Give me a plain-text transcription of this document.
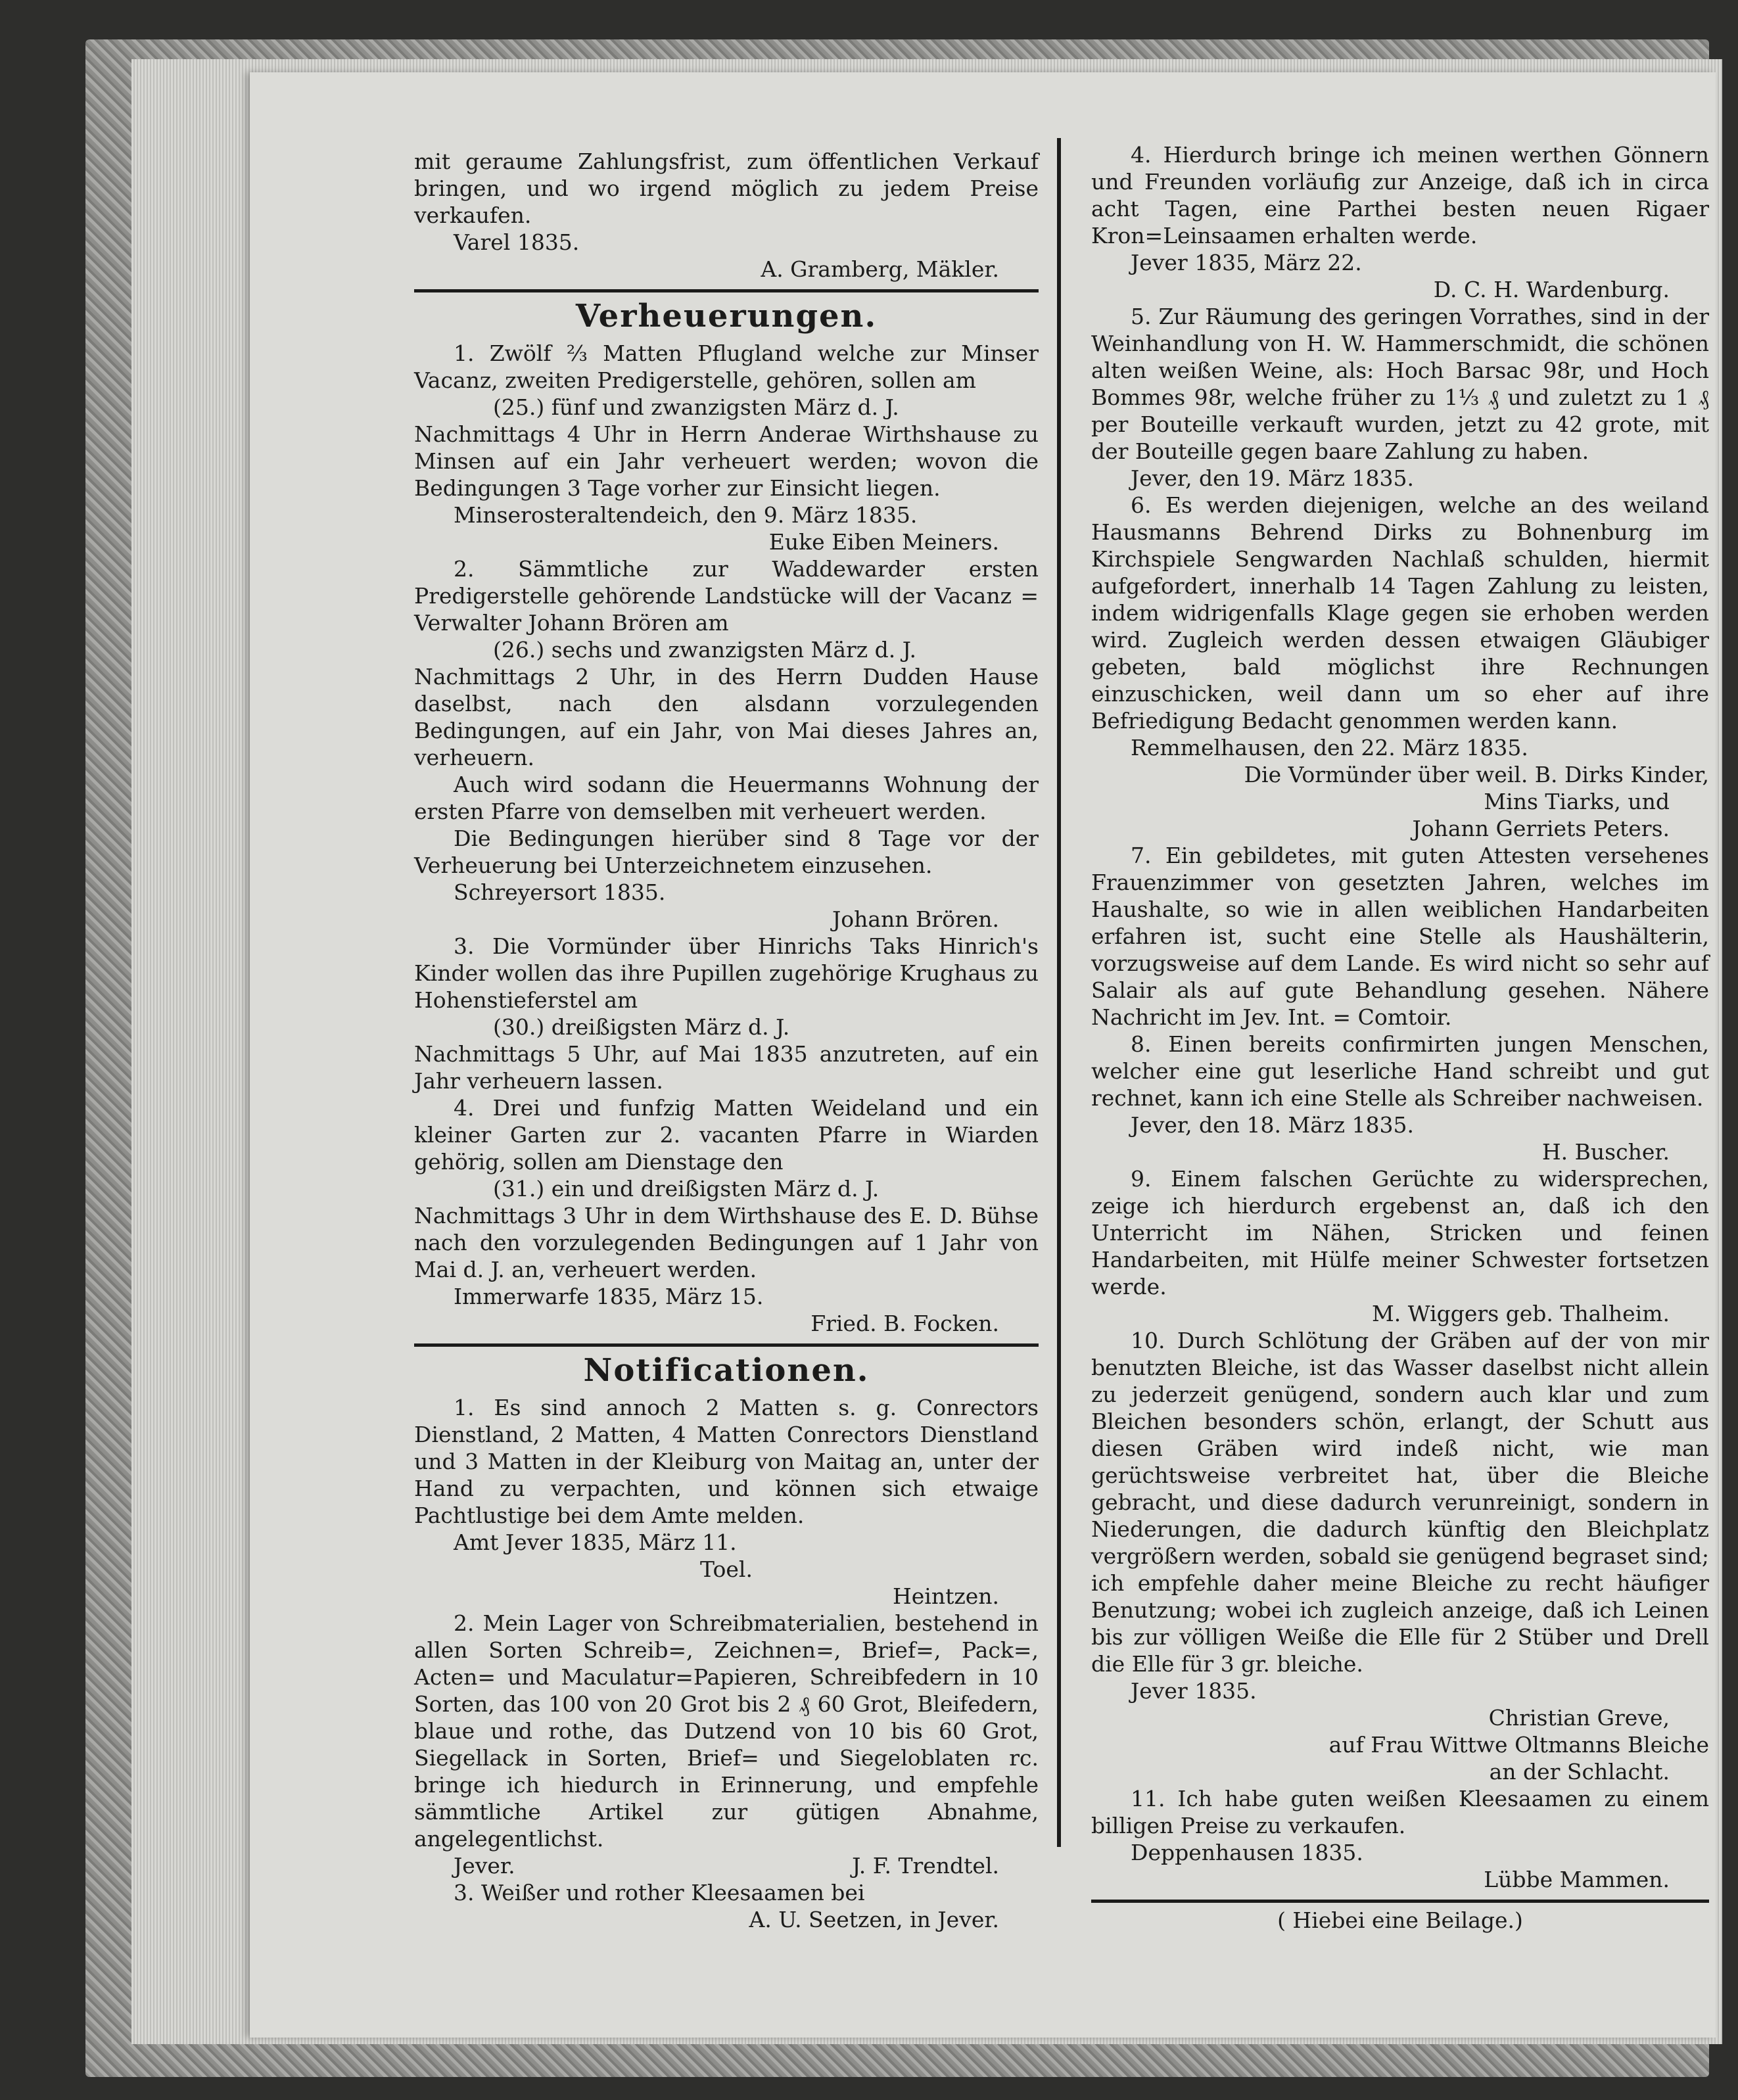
mit geraume Zahlungsfrist, zum öffentlichen Verkauf bringen, und wo irgend möglich zu jedem Preise verkaufen.

Varel 1835.

A. Gramberg, Mäkler.

Verheuerungen.

1. Zwölf ⅔ Matten Pflugland welche zur Minser Vacanz, zweiten Predigerstelle, gehören, sollen am

(25.) fünf und zwanzigsten März d. J.

Nachmittags 4 Uhr in Herrn Anderae Wirthshause zu Minsen auf ein Jahr verheuert werden; wovon die Bedingungen 3 Tage vorher zur Einsicht liegen.

Minserosteraltendeich, den 9. März 1835.

Euke Eiben Meiners.

2. Sämmtliche zur Waddewarder ersten Predigerstelle gehörende Landstücke will der Vacanz = Verwalter Johann Brören am

(26.) sechs und zwanzigsten März d. J.

Nachmittags 2 Uhr, in des Herrn Dudden Hause daselbst, nach den alsdann vorzulegenden Bedingungen, auf ein Jahr, von Mai dieses Jahres an, verheuern.

Auch wird sodann die Heuermanns Wohnung der ersten Pfarre von demselben mit verheuert werden.

Die Bedingungen hierüber sind 8 Tage vor der Verheuerung bei Unterzeichnetem einzusehen.

Schreyersort 1835.

Johann Brören.

3. Die Vormünder über Hinrichs Taks Hinrich's Kinder wollen das ihre Pupillen zugehörige Krughaus zu Hohenstieferstel am

(30.) dreißigsten März d. J.

Nachmittags 5 Uhr, auf Mai 1835 anzutreten, auf ein Jahr verheuern lassen.

4. Drei und funfzig Matten Weideland und ein kleiner Garten zur 2. vacanten Pfarre in Wiarden gehörig, sollen am Dienstage den

(31.) ein und dreißigsten März d. J.

Nachmittags 3 Uhr in dem Wirthshause des E. D. Bühse nach den vorzulegenden Bedingungen auf 1 Jahr von Mai d. J. an, verheuert werden.

Immerwarfe 1835, März 15.

Fried. B. Focken.

Notificationen.

1. Es sind annoch 2 Matten s. g. Conrectors Dienstland, 2 Matten, 4 Matten Conrectors Dienstland und 3 Matten in der Kleiburg von Maitag an, unter der Hand zu verpachten, und können sich etwaige Pachtlustige bei dem Amte melden.

Amt Jever 1835, März 11.

Toel.

Heintzen.

2. Mein Lager von Schreibmaterialien, bestehend in allen Sorten Schreib=, Zeichnen=, Brief=, Pack=, Acten= und Maculatur=Papieren, Schreibfedern in 10 Sorten, das 100 von 20 Grot bis 2 ₰ 60 Grot, Bleifedern, blaue und rothe, das Dutzend von 10 bis 60 Grot, Siegellack in Sorten, Brief= und Siegeloblaten rc. bringe ich hiedurch in Erinnerung, und empfehle sämmtliche Artikel zur gütigen Abnahme, angelegentlichst.

Jever.	J. F. Trendtel.

3. Weißer und rother Kleesaamen bei

A. U. Seetzen, in Jever.

4. Hierdurch bringe ich meinen werthen Gönnern und Freunden vorläufig zur Anzeige, daß ich in circa acht Tagen, eine Parthei besten neuen Rigaer Kron=Leinsaamen erhalten werde.

Jever 1835, März 22.

D. C. H. Wardenburg.

5. Zur Räumung des geringen Vorrathes, sind in der Weinhandlung von H. W. Hammerschmidt, die schönen alten weißen Weine, als: Hoch Barsac 98r, und Hoch Bommes 98r, welche früher zu 1⅓ ₰ und zuletzt zu 1 ₰ per Bouteille verkauft wurden, jetzt zu 42 grote, mit der Bouteille gegen baare Zahlung zu haben.

Jever, den 19. März 1835.

6. Es werden diejenigen, welche an des weiland Hausmanns Behrend Dirks zu Bohnenburg im Kirchspiele Sengwarden Nachlaß schulden, hiermit aufgefordert, innerhalb 14 Tagen Zahlung zu leisten, indem widrigenfalls Klage gegen sie erhoben werden wird. Zugleich werden dessen etwaigen Gläubiger gebeten, bald möglichst ihre Rechnungen einzuschicken, weil dann um so eher auf ihre Befriedigung Bedacht genommen werden kann.

Remmelhausen, den 22. März 1835.

Die Vormünder über weil. B. Dirks Kinder,

Mins Tiarks, und

Johann Gerriets Peters.

7. Ein gebildetes, mit guten Attesten versehenes Frauenzimmer von gesetzten Jahren, welches im Haushalte, so wie in allen weiblichen Handarbeiten erfahren ist, sucht eine Stelle als Haushälterin, vorzugsweise auf dem Lande. Es wird nicht so sehr auf Salair als auf gute Behandlung gesehen. Nähere Nachricht im Jev. Int. = Comtoir.

8. Einen bereits confirmirten jungen Menschen, welcher eine gut leserliche Hand schreibt und gut rechnet, kann ich eine Stelle als Schreiber nachweisen.

Jever, den 18. März 1835.

H. Buscher.

9. Einem falschen Gerüchte zu widersprechen, zeige ich hierdurch ergebenst an, daß ich den Unterricht im Nähen, Stricken und feinen Handarbeiten, mit Hülfe meiner Schwester fortsetzen werde.

M. Wiggers geb. Thalheim.

10. Durch Schlötung der Gräben auf der von mir benutzten Bleiche, ist das Wasser daselbst nicht allein zu jederzeit genügend, sondern auch klar und zum Bleichen besonders schön, erlangt, der Schutt aus diesen Gräben wird indeß nicht, wie man gerüchtsweise verbreitet hat, über die Bleiche gebracht, und diese dadurch verunreinigt, sondern in Niederungen, die dadurch künftig den Bleichplatz vergrößern werden, sobald sie genügend begraset sind; ich empfehle daher meine Bleiche zu recht häufiger Benutzung; wobei ich zugleich anzeige, daß ich Leinen bis zur völligen Weiße die Elle für 2 Stüber und Drell die Elle für 3 gr. bleiche.

Jever 1835.

Christian Greve,

auf Frau Wittwe Oltmanns Bleiche

an der Schlacht.

11. Ich habe guten weißen Kleesaamen zu einem billigen Preise zu verkaufen.

Deppenhausen 1835.

Lübbe Mammen.

( Hiebei eine Beilage.)
